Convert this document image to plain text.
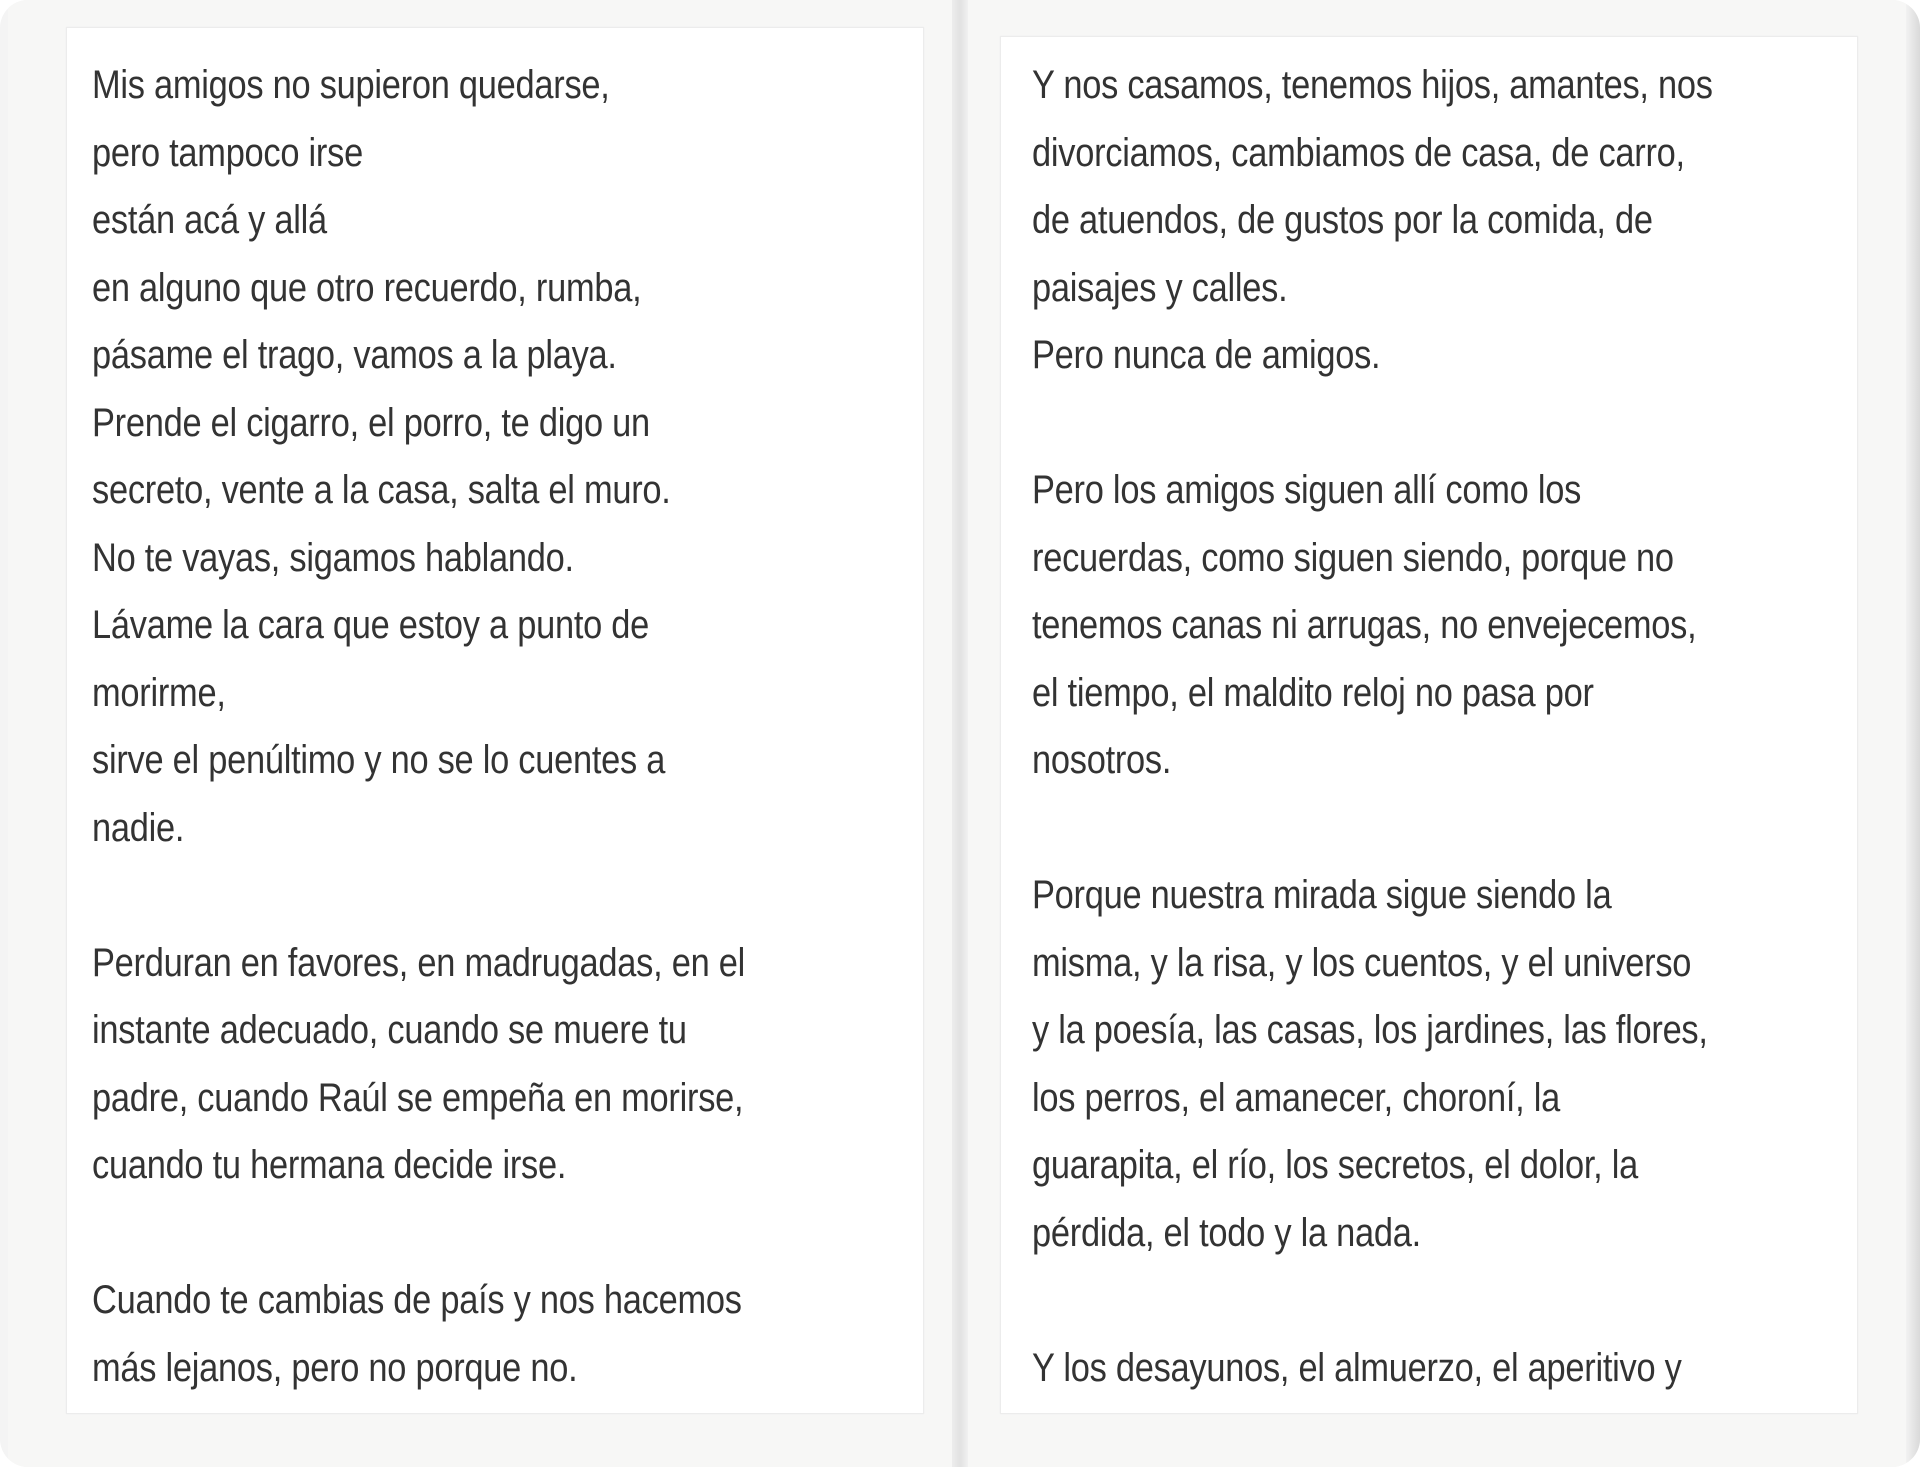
Mis amigos no supieron quedarse,
pero tampoco irse
están acá y allá
en alguno que otro recuerdo, rumba,
pásame el trago, vamos a la playa.
Prende el cigarro, el porro, te digo un
secreto, vente a la casa, salta el muro.
No te vayas, sigamos hablando.
Lávame la cara que estoy a punto de
morirme,
sirve el penúltimo y no se lo cuentes a
nadie.
Perduran en favores, en madrugadas, en el
instante adecuado, cuando se muere tu
padre, cuando Raúl se empeña en morirse,
cuando tu hermana decide irse.
Cuando te cambias de país y nos hacemos
más lejanos, pero no porque no.
Y nos casamos, tenemos hijos, amantes, nos
divorciamos, cambiamos de casa, de carro,
de atuendos, de gustos por la comida, de
paisajes y calles.
Pero nunca de amigos.
Pero los amigos siguen allí como los
recuerdas, como siguen siendo, porque no
tenemos canas ni arrugas, no envejecemos,
el tiempo, el maldito reloj no pasa por
nosotros.
Porque nuestra mirada sigue siendo la
misma, y la risa, y los cuentos, y el universo
y la poesía, las casas, los jardines, las flores,
los perros, el amanecer, choroní, la
guarapita, el río, los secretos, el dolor, la
pérdida, el todo y la nada.
Y los desayunos, el almuerzo, el aperitivo y
